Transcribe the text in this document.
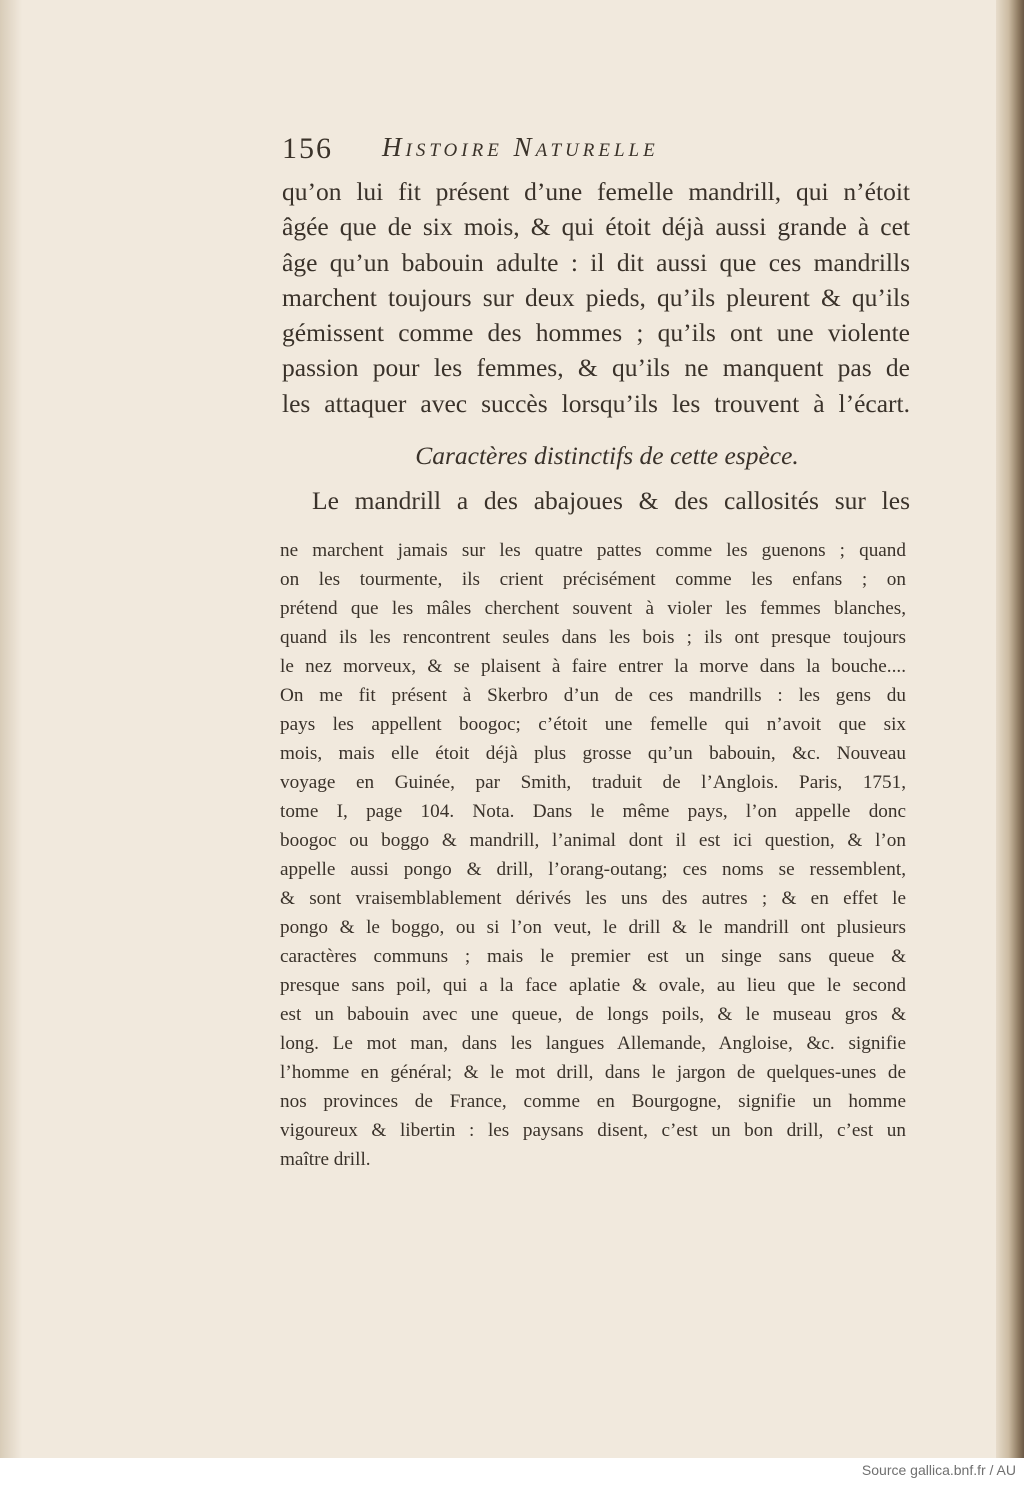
156 Histoire Naturelle
qu’on lui fit présent d’une femelle mandrill, qui n’étoit
âgée que de six mois, & qui étoit déjà aussi grande à cet
âge qu’un babouin adulte : il dit aussi que ces mandrills
marchent toujours sur deux pieds, qu’ils pleurent & qu’ils
gémissent comme des hommes ; qu’ils ont une violente
passion pour les femmes, & qu’ils ne manquent pas de
les attaquer avec succès lorsqu’ils les trouvent à l’écart.
Caractères distinctifs de cette espèce.
Le mandrill a des abajoues & des callosités sur les
ne marchent jamais sur les quatre pattes comme les guenons ; quand
on les tourmente, ils crient précisément comme les enfans ; on
prétend que les mâles cherchent souvent à violer les femmes blanches,
quand ils les rencontrent seules dans les bois ; ils ont presque toujours
le nez morveux, & se plaisent à faire entrer la morve dans la bouche....
On me fit présent à Skerbro d’un de ces mandrills : les gens du
pays les appellent boogoc; c’étoit une femelle qui n’avoit que six
mois, mais elle étoit déjà plus grosse qu’un babouin, &c. Nouveau
voyage en Guinée, par Smith, traduit de l’Anglois. Paris, 1751,
tome I, page 104. Nota. Dans le même pays, l’on appelle donc
boogoc ou boggo & mandrill, l’animal dont il est ici question, & l’on
appelle aussi pongo & drill, l’orang-outang; ces noms se ressemblent,
& sont vraisemblablement dérivés les uns des autres ; & en effet le
pongo & le boggo, ou si l’on veut, le drill & le mandrill ont plusieurs
caractères communs ; mais le premier est un singe sans queue &
presque sans poil, qui a la face aplatie & ovale, au lieu que le second
est un babouin avec une queue, de longs poils, & le museau gros &
long. Le mot man, dans les langues Allemande, Angloise, &c. signifie
l’homme en général; & le mot drill, dans le jargon de quelques-unes de
nos provinces de France, comme en Bourgogne, signifie un homme
vigoureux & libertin : les paysans disent, c’est un bon drill, c’est un
maître drill.
Source gallica.bnf.fr / AU
